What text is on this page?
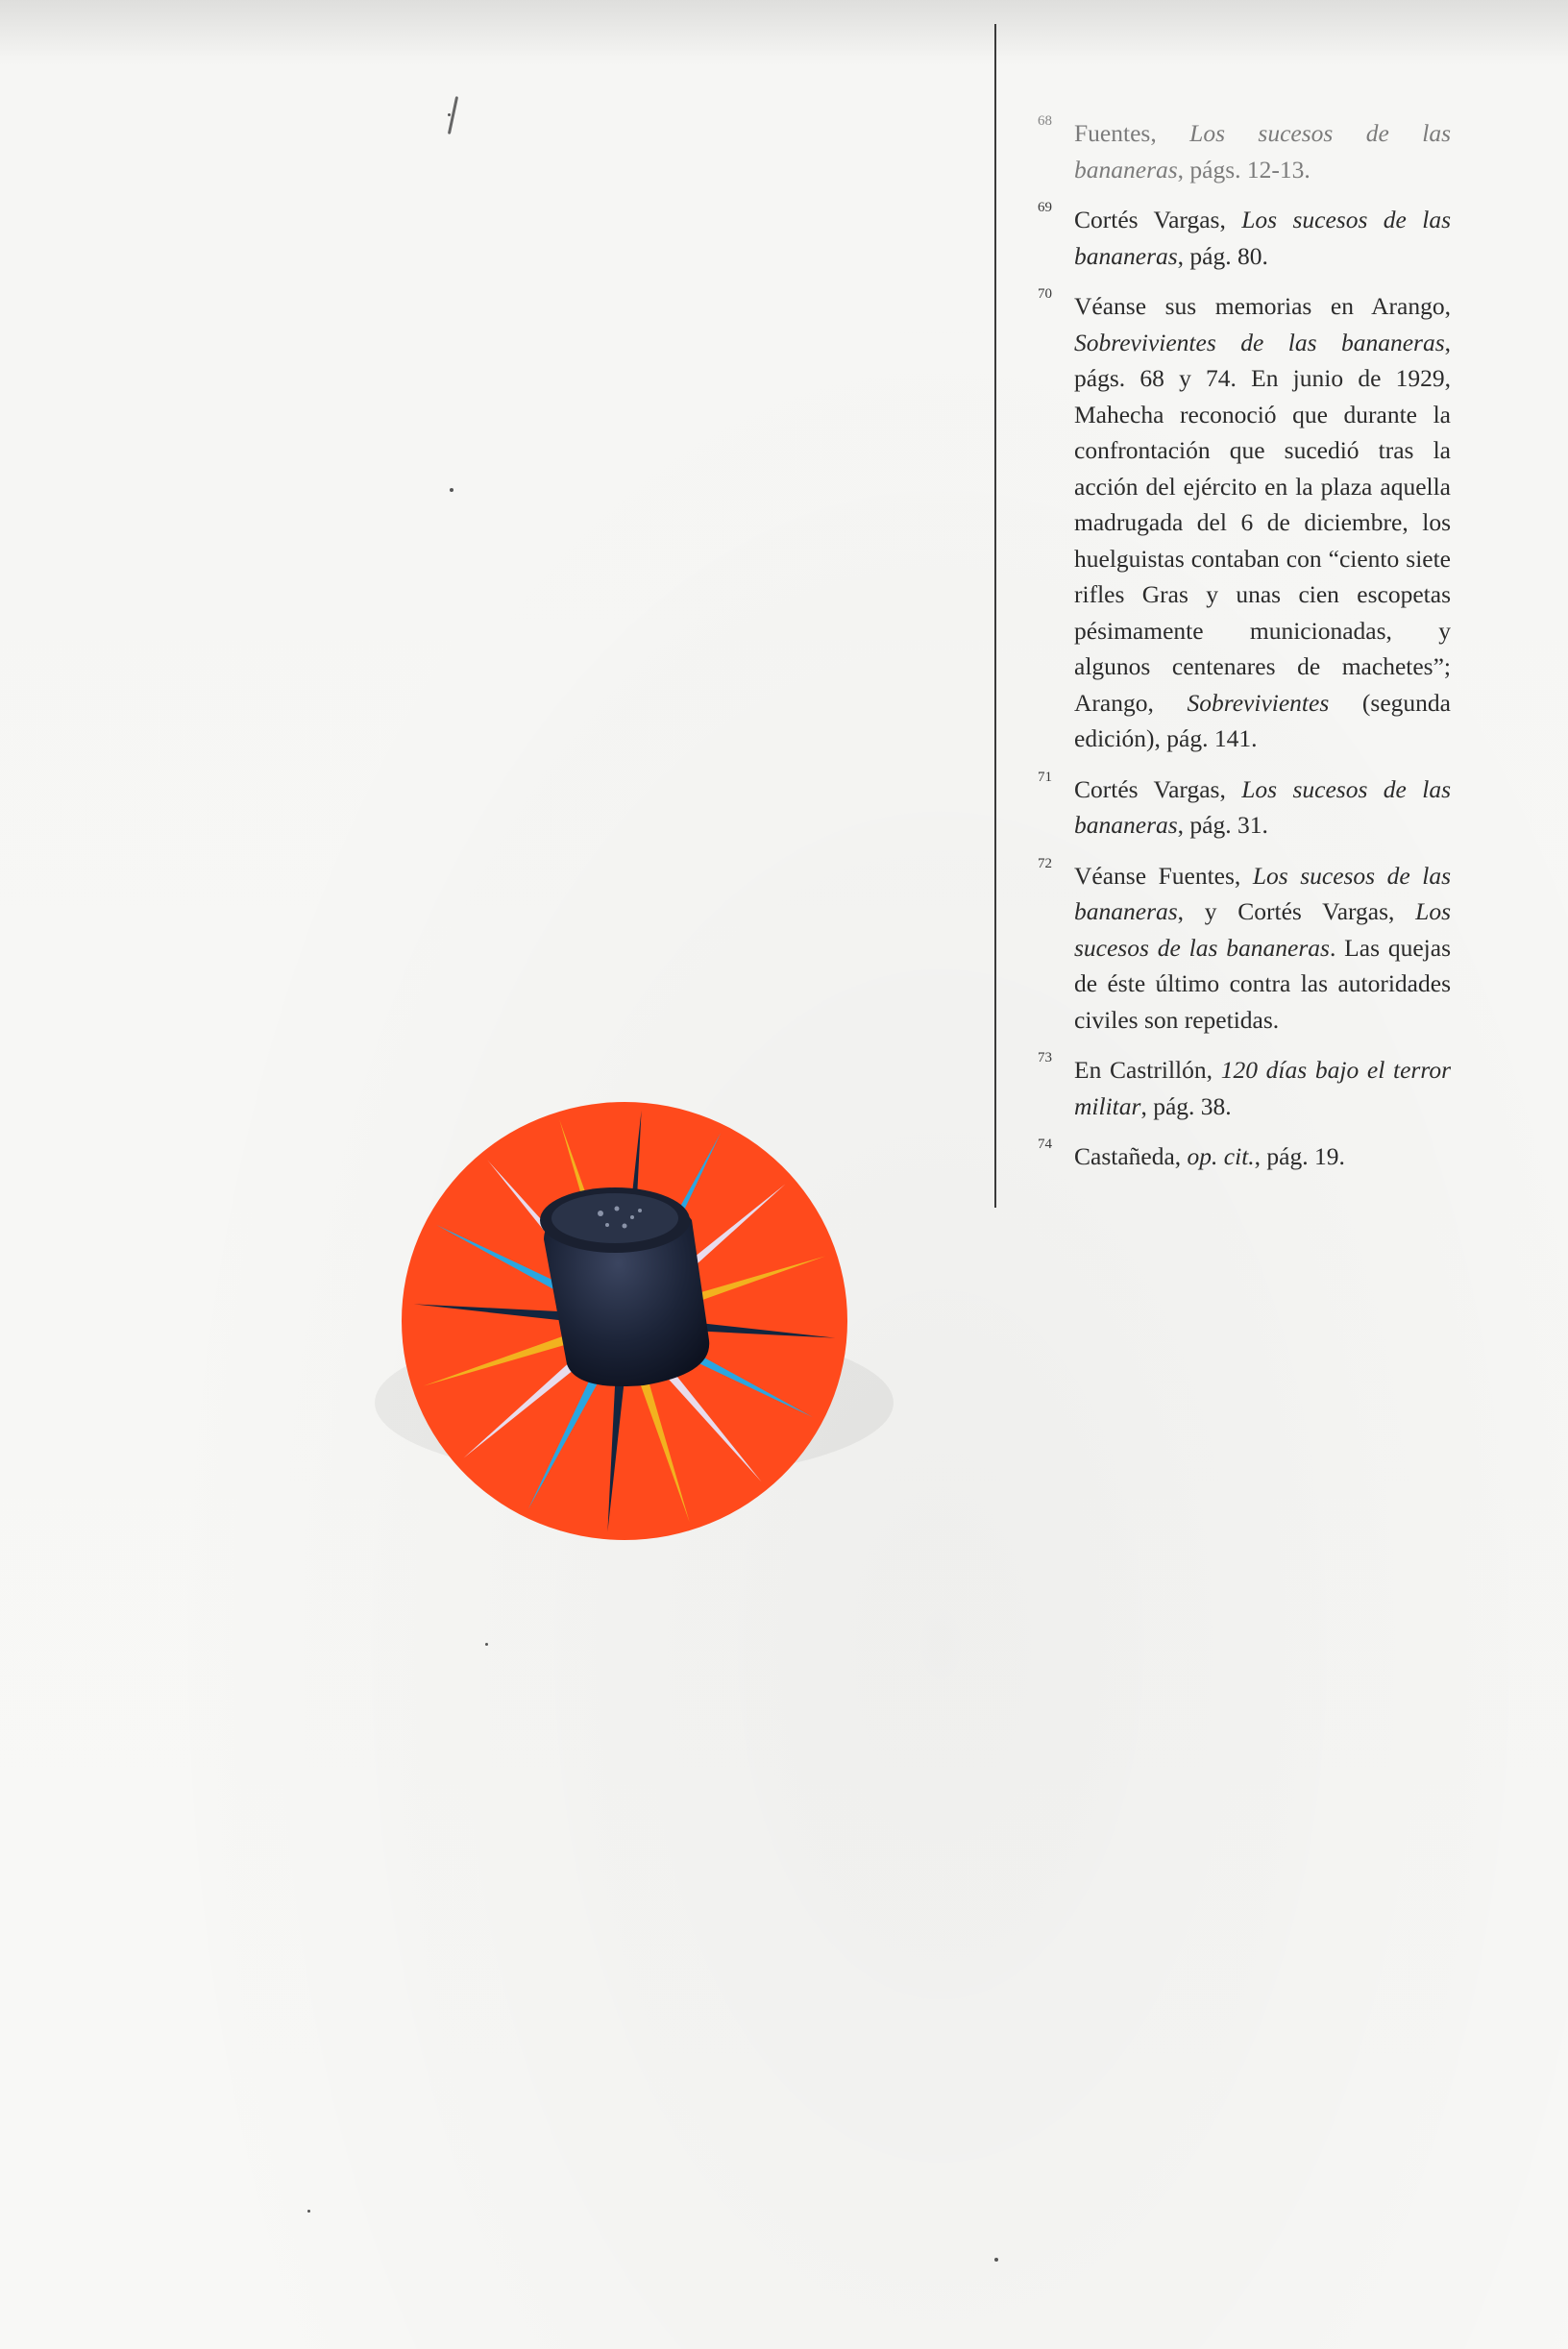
68 Fuentes, Los sucesos de las bananeras, págs. 12-13.
69 Cortés Vargas, Los sucesos de las bananeras, pág. 80.
70 Véanse sus memorias en Arango, Sobrevivientes de las bananeras, págs. 68 y 74. En junio de 1929, Mahecha reconoció que durante la confrontación que sucedió tras la acción del ejército en la plaza aquella madrugada del 6 de diciembre, los huelguistas contaban con “ciento siete rifles Gras y unas cien escopetas pésimamente municionadas, y algunos centenares de machetes”; Arango, Sobrevivientes (segunda edición), pág. 141.
71 Cortés Vargas, Los sucesos de las bananeras, pág. 31.
72 Véanse Fuentes, Los sucesos de las bananeras, y Cortés Vargas, Los sucesos de las bananeras. Las quejas de éste último contra las autoridades civiles son repetidas.
73 En Castrillón, 120 días bajo el terror militar, pág. 38.
74 Castañeda, op. cit., pág. 19.
